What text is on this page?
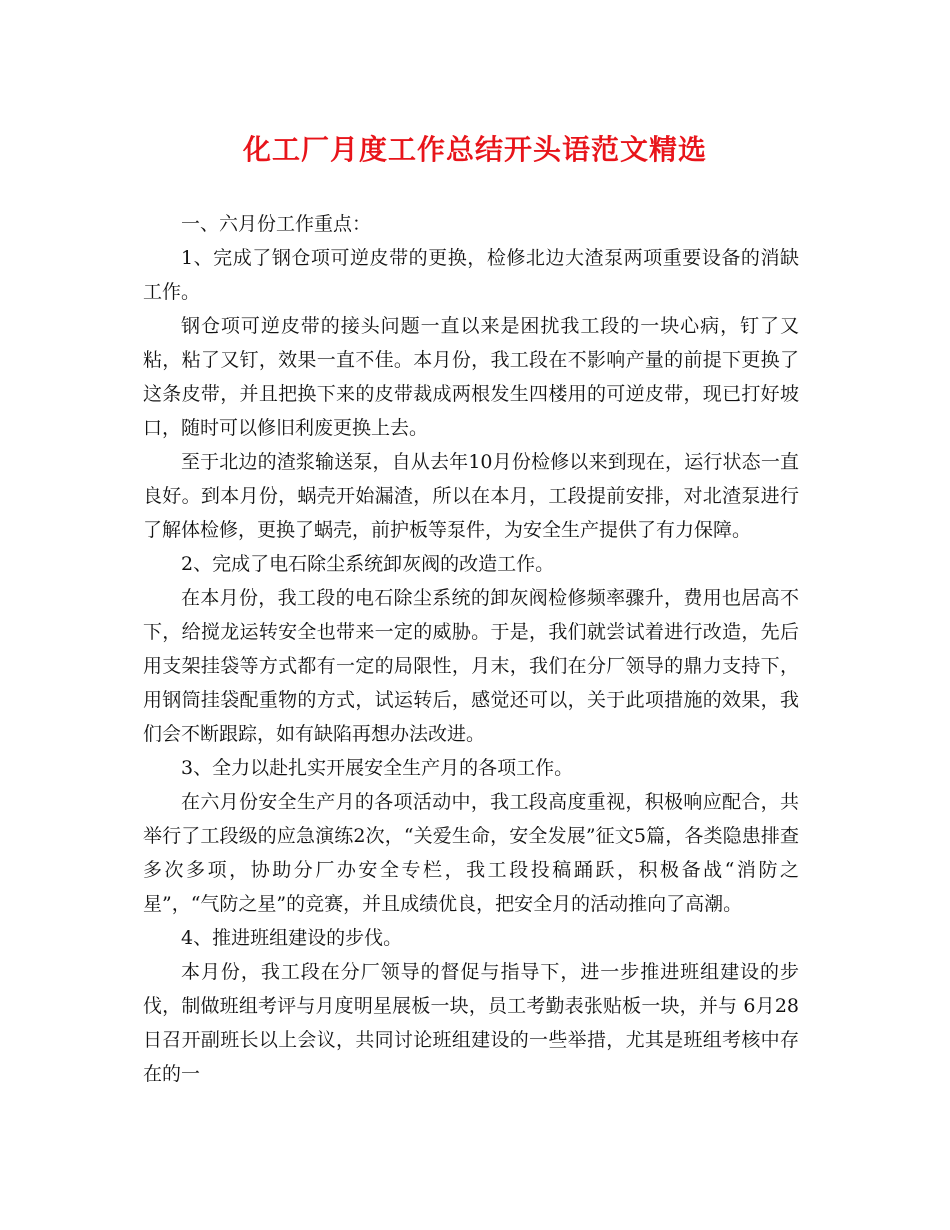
化工厂月度工作总结开头语范文精选

一、六月份工作重点：

1、完成了钢仓项可逆皮带的更换，检修北边大渣泵两项重要设备的消缺工作。

钢仓项可逆皮带的接头问题一直以来是困扰我工段的一块心病，钉了又粘，粘了又钉，效果一直不佳。本月份，我工段在不影响产量的前提下更换了这条皮带，并且把换下来的皮带裁成两根发生四楼用的可逆皮带，现已打好坡口，随时可以修旧利废更换上去。

至于北边的渣浆输送泵，自从去年10月份检修以来到现在，运行状态一直良好。到本月份，蜗壳开始漏渣，所以在本月，工段提前安排，对北渣泵进行了解体检修，更换了蜗壳，前护板等泵件，为安全生产提供了有力保障。

2、完成了电石除尘系统卸灰阀的改造工作。

在本月份，我工段的电石除尘系统的卸灰阀检修频率骤升，费用也居高不下，给搅龙运转安全也带来一定的威胁。于是，我们就尝试着进行改造，先后用支架挂袋等方式都有一定的局限性，月末，我们在分厂领导的鼎力支持下，用钢筒挂袋配重物的方式，试运转后，感觉还可以，关于此项措施的效果，我们会不断跟踪，如有缺陷再想办法改进。

3、全力以赴扎实开展安全生产月的各项工作。

在六月份安全生产月的各项活动中，我工段高度重视，积极响应配合，共举行了工段级的应急演练2次，“关爱生命，安全发展”征文5篇，各类隐患排查多次多项，协助分厂办安全专栏，我工段投稿踊跃，积极备战“消防之星”，“气防之星”的竞赛，并且成绩优良，把安全月的活动推向了高潮。

4、推进班组建设的步伐。

本月份，我工段在分厂领导的督促与指导下，进一步推进班组建设的步伐，制做班组考评与月度明星展板一块，员工考勤表张贴板一块，并与 6月28日召开副班长以上会议，共同讨论班组建设的一些举措，尤其是班组考核中存在的一
